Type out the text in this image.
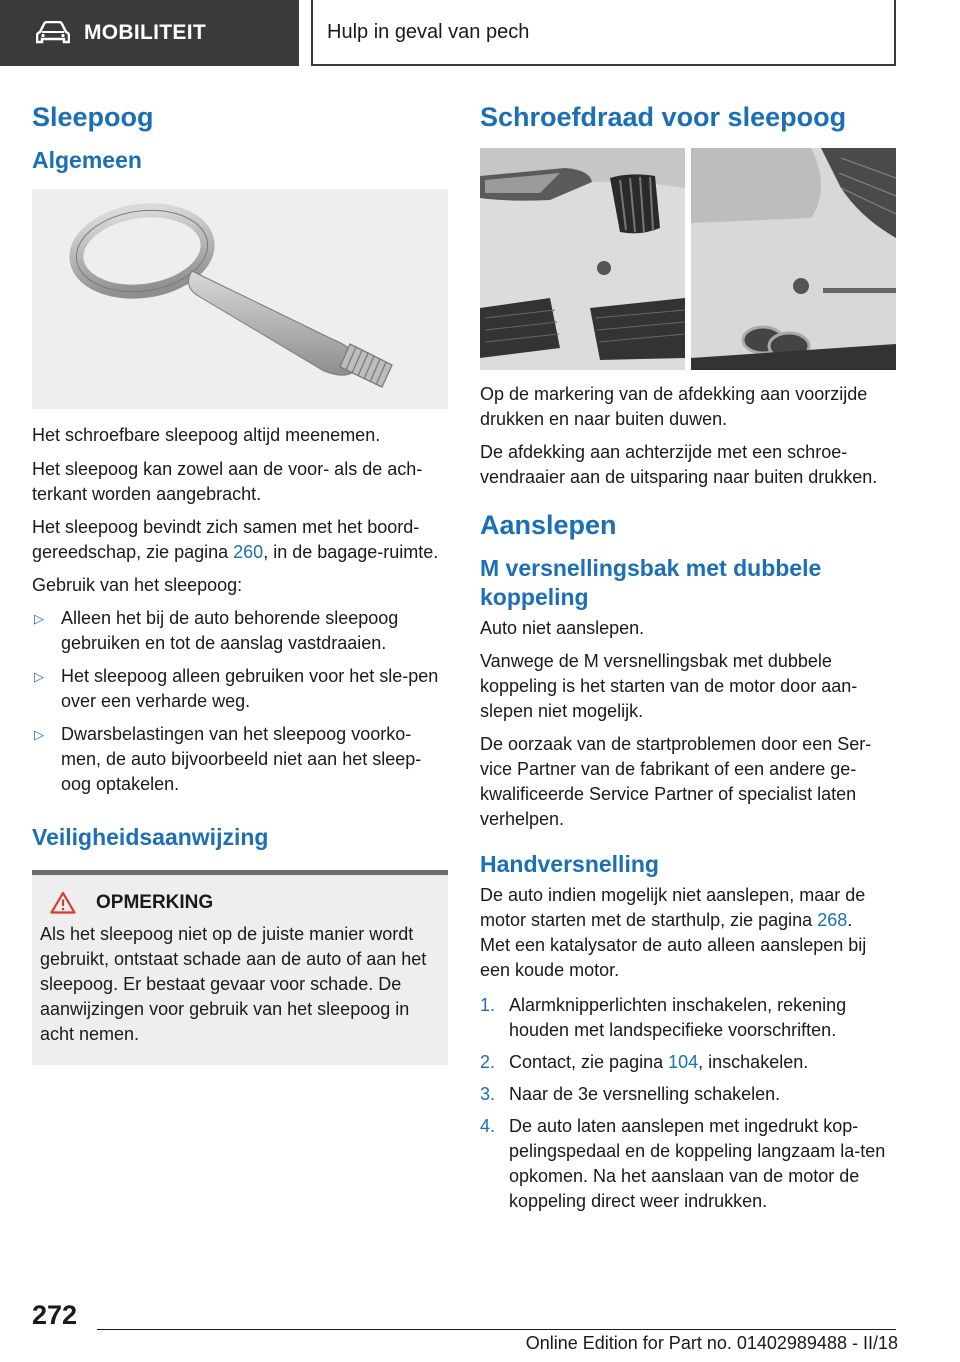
MOBILITEIT	Hulp in geval van pech
Sleepoog
Algemeen

Het schroefbare sleepoog altijd meenemen.

Het sleepoog kan zowel aan de voor- als de ach-terkant worden aangebracht.

Het sleepoog bevindt zich samen met het boord-gereedschap, zie pagina 260, in de bagage-ruimte.

Gebruik van het sleepoog:

▷ Alleen het bij de auto behorende sleepoog gebruiken en tot de aanslag vastdraaien.
▷ Het sleepoog alleen gebruiken voor het sle-pen over een verharde weg.
▷ Dwarsbelastingen van het sleepoog voorko-men, de auto bijvoorbeeld niet aan het sleep-oog optakelen.
Veiligheidsaanwijzing
OPMERKING

Als het sleepoog niet op de juiste manier wordt gebruikt, ontstaat schade aan de auto of aan het sleepoog. Er bestaat gevaar voor schade. De aanwijzingen voor gebruik van het sleepoog in acht nemen.

Schroefdraad voor sleepoog

Op de markering van de afdekking aan voorzijde drukken en naar buiten duwen.

De afdekking aan achterzijde met een schroe-vendraaier aan de uitsparing naar buiten drukken.

Aanslepen
M versnellingsbak met dubbele koppeling

Auto niet aanslepen.

Vanwege de M versnellingsbak met dubbele koppeling is het starten van de motor door aan-slepen niet mogelijk.

De oorzaak van de startproblemen door een Ser-vice Partner van de fabrikant of een andere ge-kwalificeerde Service Partner of specialist laten verhelpen.

Handversnelling

De auto indien mogelijk niet aanslepen, maar de motor starten met de starthulp, zie pagina 268.

Met een katalysator de auto alleen aanslepen bij een koude motor.

1. Alarmknipperlichten inschakelen, rekening houden met landspecifieke voorschriften.
2. Contact, zie pagina 104, inschakelen.
3. Naar de 3e versnelling schakelen.
4. De auto laten aanslepen met ingedrukt kop-pelingspedaal en de koppeling langzaam la-ten opkomen. Na het aanslaan van de motor de koppeling direct weer indrukken.
272
Online Edition for Part no. 01402989488 - II/18
